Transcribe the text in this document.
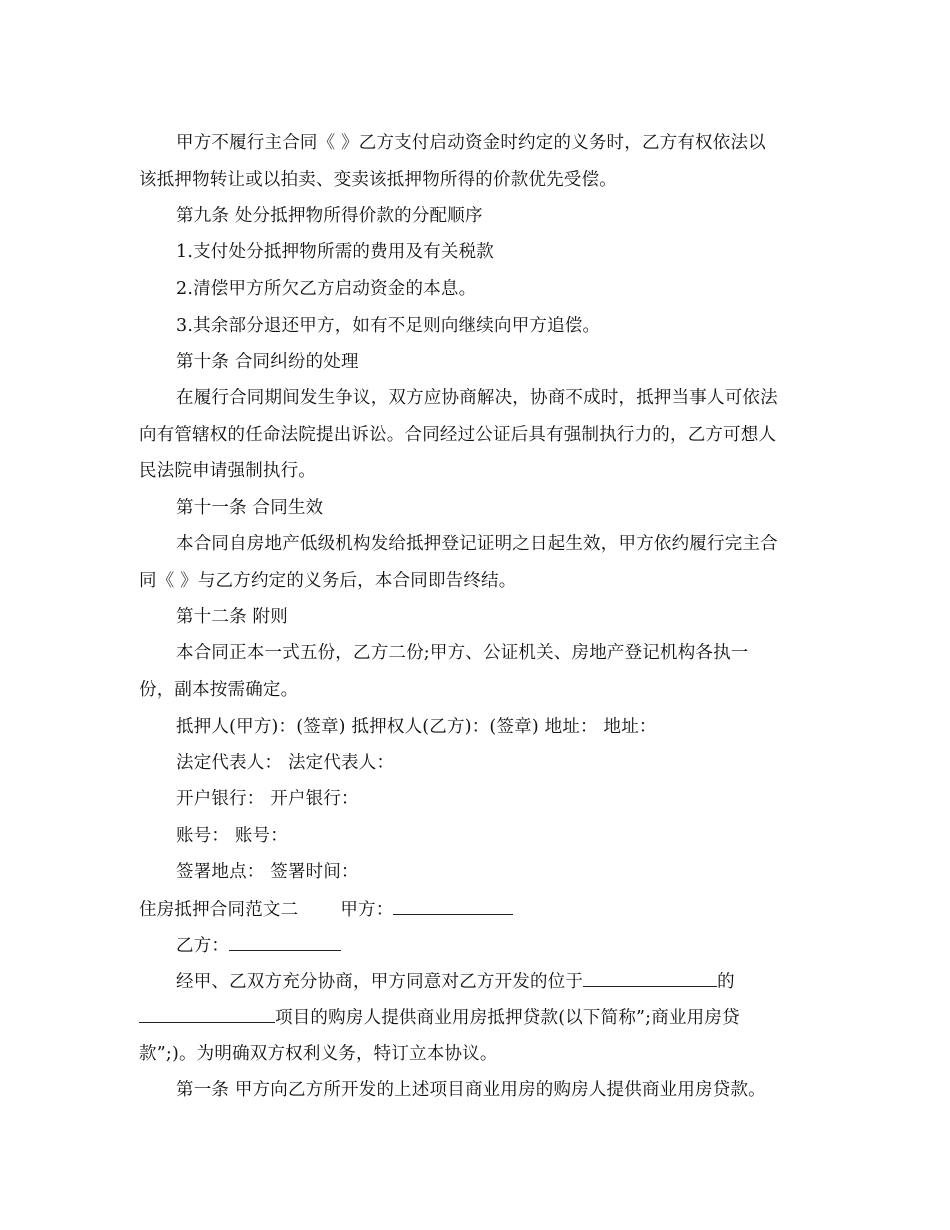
甲方不履行主合同《 》乙方支付启动资金时约定的义务时，乙方有权依法以
该抵押物转让或以拍卖、变卖该抵押物所得的价款优先受偿。
第九条 处分抵押物所得价款的分配顺序
1.支付处分抵押物所需的费用及有关税款
2.清偿甲方所欠乙方启动资金的本息。
3.其余部分退还甲方，如有不足则向继续向甲方追偿。
第十条 合同纠纷的处理
在履行合同期间发生争议，双方应协商解决，协商不成时，抵押当事人可依法
向有管辖权的任命法院提出诉讼。合同经过公证后具有强制执行力的，乙方可想人
民法院申请强制执行。
第十一条 合同生效
本合同自房地产低级机构发给抵押登记证明之日起生效，甲方依约履行完主合
同《 》与乙方约定的义务后，本合同即告终结。
第十二条 附则
本合同正本一式五份，乙方二份;甲方、公证机关、房地产登记机构各执一
份，副本按需确定。
抵押人(甲方)：(签章) 抵押权人(乙方)：(签章) 地址： 地址：
法定代表人： 法定代表人：
开户银行： 开户银行：
账号： 账号：
签署地点： 签署时间：
住房抵押合同范文二 甲方：
乙方：
经甲、乙双方充分协商，甲方同意对乙方开发的位于	的
项目的购房人提供商业用房抵押贷款(以下简称”;商业用房贷
款”;)。为明确双方权利义务，特订立本协议。
第一条 甲方向乙方所开发的上述项目商业用房的购房人提供商业用房贷款。
